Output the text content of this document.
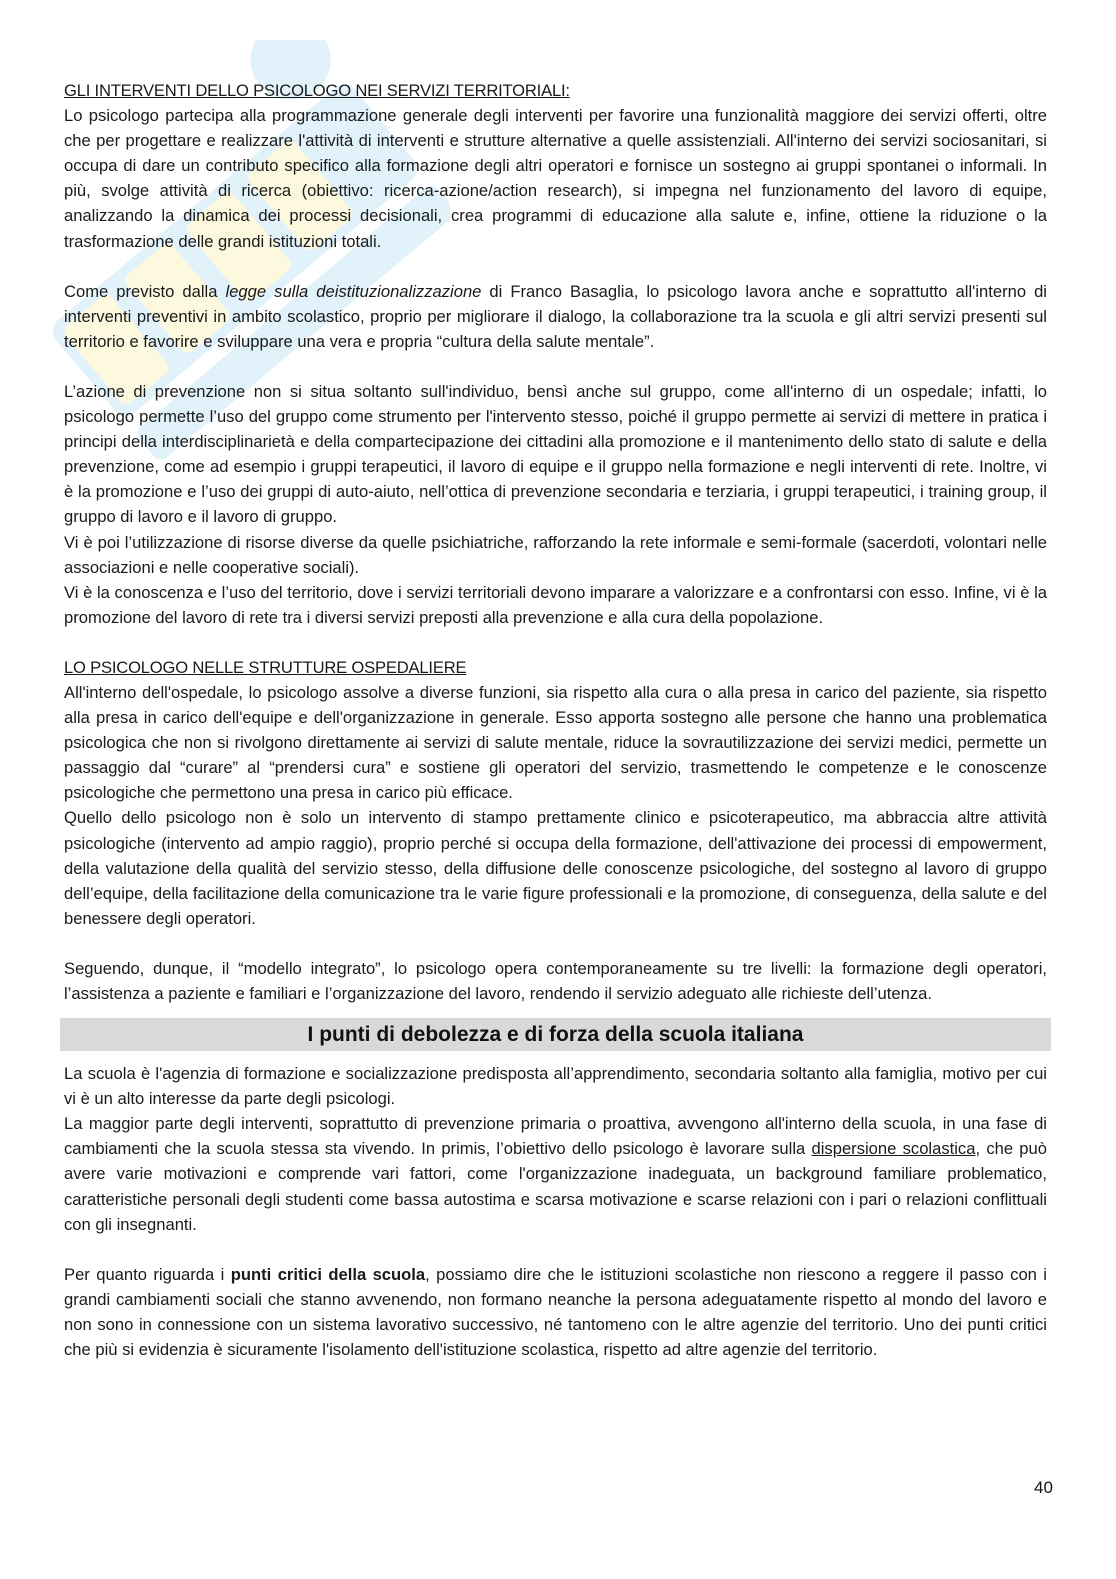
GLI INTERVENTI DELLO PSICOLOGO NEI SERVIZI TERRITORIALI:

Lo psicologo partecipa alla programmazione generale degli interventi per favorire una funzionalità maggiore dei servizi offerti, oltre che per progettare e realizzare l'attività di interventi e strutture alternative a quelle assistenziali. All'interno dei servizi sociosanitari, si occupa di dare un contributo specifico alla formazione degli altri operatori e fornisce un sostegno ai gruppi spontanei o informali. In più, svolge attività di ricerca (obiettivo: ricerca-azione/action research), si impegna nel funzionamento del lavoro di equipe, analizzando la dinamica dei processi decisionali, crea programmi di educazione alla salute e, infine, ottiene la riduzione o la trasformazione delle grandi istituzioni totali.

Come previsto dalla legge sulla deistituzionalizzazione di Franco Basaglia, lo psicologo lavora anche e soprattutto all'interno di interventi preventivi in ambito scolastico, proprio per migliorare il dialogo, la collaborazione tra la scuola e gli altri servizi presenti sul territorio e favorire e sviluppare una vera e propria “cultura della salute mentale”.

L’azione di prevenzione non si situa soltanto sull'individuo, bensì anche sul gruppo, come all'interno di un ospedale; infatti, lo psicologo permette l’uso del gruppo come strumento per l'intervento stesso, poiché il gruppo permette ai servizi di mettere in pratica i principi della interdisciplinarietà e della compartecipazione dei cittadini alla promozione e il mantenimento dello stato di salute e della prevenzione, come ad esempio i gruppi terapeutici, il lavoro di equipe e il gruppo nella formazione e negli interventi di rete. Inoltre, vi è la promozione e l’uso dei gruppi di auto-aiuto, nell’ottica di prevenzione secondaria e terziaria, i gruppi terapeutici, i training group, il gruppo di lavoro e il lavoro di gruppo.

Vi è poi l’utilizzazione di risorse diverse da quelle psichiatriche, rafforzando la rete informale e semi-formale (sacerdoti, volontari nelle associazioni e nelle cooperative sociali).

Vi è la conoscenza e l’uso del territorio, dove i servizi territoriali devono imparare a valorizzare e a confrontarsi con esso. Infine, vi è la promozione del lavoro di rete tra i diversi servizi preposti alla prevenzione e alla cura della popolazione.

LO PSICOLOGO NELLE STRUTTURE OSPEDALIERE

All'interno dell'ospedale, lo psicologo assolve a diverse funzioni, sia rispetto alla cura o alla presa in carico del paziente, sia rispetto alla presa in carico dell'equipe e dell'organizzazione in generale. Esso apporta sostegno alle persone che hanno una problematica psicologica che non si rivolgono direttamente ai servizi di salute mentale, riduce la sovrautilizzazione dei servizi medici, permette un passaggio dal “curare” al “prendersi cura” e sostiene gli operatori del servizio, trasmettendo le competenze e le conoscenze psicologiche che permettono una presa in carico più efficace.

Quello dello psicologo non è solo un intervento di stampo prettamente clinico e psicoterapeutico, ma abbraccia altre attività psicologiche (intervento ad ampio raggio), proprio perché si occupa della formazione, dell'attivazione dei processi di empowerment, della valutazione della qualità del servizio stesso, della diffusione delle conoscenze psicologiche, del sostegno al lavoro di gruppo dell’equipe, della facilitazione della comunicazione tra le varie figure professionali e la promozione, di conseguenza, della salute e del benessere degli operatori.

Seguendo, dunque, il “modello integrato”, lo psicologo opera contemporaneamente su tre livelli: la formazione degli operatori, l’assistenza a paziente e familiari e l’organizzazione del lavoro, rendendo il servizio adeguato alle richieste dell’utenza.

I punti di debolezza e di forza della scuola italiana

La scuola è l'agenzia di formazione e socializzazione predisposta all’apprendimento, secondaria soltanto alla famiglia, motivo per cui vi è un alto interesse da parte degli psicologi.

La maggior parte degli interventi, soprattutto di prevenzione primaria o proattiva, avvengono all'interno della scuola, in una fase di cambiamenti che la scuola stessa sta vivendo. In primis, l’obiettivo dello psicologo è lavorare sulla dispersione scolastica, che può avere varie motivazioni e comprende vari fattori, come l'organizzazione inadeguata, un background familiare problematico, caratteristiche personali degli studenti come bassa autostima e scarsa motivazione e scarse relazioni con i pari o relazioni conflittuali con gli insegnanti.

Per quanto riguarda i punti critici della scuola, possiamo dire che le istituzioni scolastiche non riescono a reggere il passo con i grandi cambiamenti sociali che stanno avvenendo, non formano neanche la persona adeguatamente rispetto al mondo del lavoro e non sono in connessione con un sistema lavorativo successivo, né tantomeno con le altre agenzie del territorio. Uno dei punti critici che più si evidenzia è sicuramente l'isolamento dell'istituzione scolastica, rispetto ad altre agenzie del territorio.

40
